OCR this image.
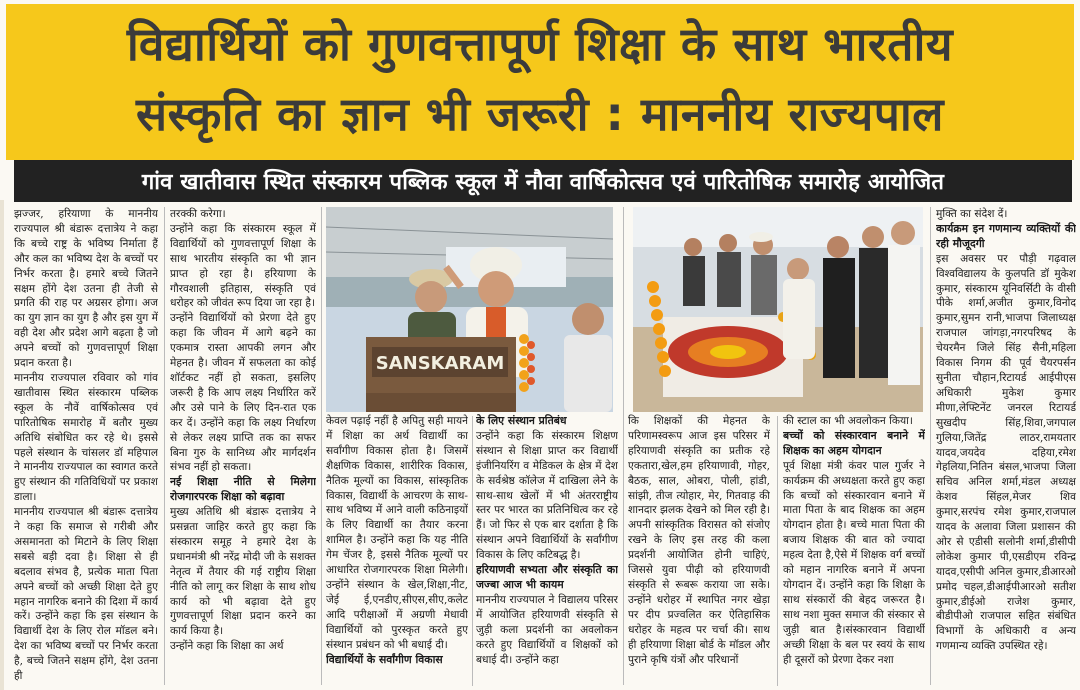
विद्यार्थियों को गुणवत्तापूर्ण शिक्षा के साथ भारतीय
संस्कृति का ज्ञान भी जरूरी : माननीय राज्यपाल
गांव खातीवास स्थित संस्कारम पब्लिक स्कूल में नौवा वार्षिकोत्सव एवं पारितोषिक समारोह आयोजित

झज्जर, हरियाणा के माननीय राज्यपाल श्री बंडारू दत्तात्रेय ने कहा कि बच्चे राष्ट्र के भविष्य निर्माता हैं और कल का भविष्य देश के बच्चों पर निर्भर करता है। हमारे बच्चे जितने सक्षम होंगे देश उतना ही तेजी से प्रगति की राह पर अग्रसर होगा। अज का युग ज्ञान का युग है और इस युग में वही देश और प्रदेश आगे बढ़ता है जो अपने बच्चों को गुणवत्तापूर्ण शिक्षा प्रदान करता है।

माननीय राज्यपाल रविवार को गांव खातीवास स्थित संस्कारम पब्लिक स्कूल के नौवें वार्षिकोत्सव एवं पारितोषिक समारोह में बतौर मुख्य अतिथि संबोधित कर रहे थे। इससे पहले संस्थान के चांसलर डॉ महिपाल ने माननीय राज्यपाल का स्वागत करते हुए संस्थान की गतिविधियों पर प्रकाश डाला।

माननीय राज्यपाल श्री बंडारू दत्तात्रेय ने कहा कि समाज से गरीबी और असमानता को मिटाने के लिए शिक्षा सबसे बड़ी दवा है। शिक्षा से ही बदलाव संभव है, प्रत्येक माता पिता अपने बच्चों को अच्छी शिक्षा देते हुए महान नागरिक बनाने की दिशा में कार्य करें। उन्होंने कहा कि इस संस्थान के विद्यार्थी देश के लिए रोल मॉडल बने। देश का भविष्य बच्चों पर निर्भर करता है, बच्चे जितने सक्षम होंगे, देश उतना ही

तरक्की करेगा।

उन्होंने कहा कि संस्कारम स्कूल में विद्यार्थियों को गुणवत्तापूर्ण शिक्षा के साथ भारतीय संस्कृति का भी ज्ञान प्राप्त हो रहा है। हरियाणा के गौरवशाली इतिहास, संस्कृति एवं धरोहर को जीवंत रूप दिया जा रहा है।

उन्होंने विद्यार्थियों को प्रेरणा देते हुए कहा कि जीवन में आगे बढ़ने का एकमात्र रास्ता आपकी लगन और मेहनत है। जीवन में सफलता का कोई शॉर्टकट नहीं हो सकता, इसलिए जरूरी है कि आप लक्ष्य निर्धारित करें और उसे पाने के लिए दिन-रात एक कर दें। उन्होंने कहा कि लक्ष्य निर्धारण से लेकर लक्ष्य प्राप्ति तक का सफर बिना गुरु के सानिध्य और मार्गदर्शन संभव नहीं हो सकता।

नई शिक्षा नीति से मिलेगा रोजगारपरक शिक्षा को बढ़ावा

मुख्य अतिथि श्री बंडारू दत्तात्रेय ने प्रसन्नता जाहिर करते हुए कहा कि संस्कारम समूह ने हमारे देश के प्रधानमंत्री श्री नरेंद्र मोदी जी के सशक्त नेतृत्व में तैयार की गई राष्ट्रीय शिक्षा नीति को लागू कर शिक्षा के साथ शोध कार्य को भी बढ़ावा देते हुए गुणवत्तापूर्ण शिक्षा प्रदान करने का कार्य किया है।

उन्होंने कहा कि शिक्षा का अर्थ

SANSKARAM

केवल पढ़ाई नहीं है अपितु सही मायने में शिक्षा का अर्थ विद्यार्थी का सर्वांगीण विकास होता है। जिसमें शैक्षणिक विकास, शारीरिक विकास, नैतिक मूल्यों का विकास, सांस्कृतिक विकास, विद्यार्थी के आचरण के साथ-साथ भविष्य में आने वाली कठिनाइयों के लिए विद्यार्थी का तैयार करना शामिल है। उन्होंने कहा कि यह नीति गेम चेंजर है, इससे नैतिक मूल्यों पर आधारित रोजगारपरक शिक्षा मिलेगी। उन्होंने संस्थान के खेल,शिक्षा,नीट, जेई ई,एनडीए,सीएस,सीए,कलेट आदि परीक्षाओं में अग्रणी मेधावी विद्यार्थियों को पुरस्कृत करते हुए संस्थान प्रबंधन को भी बधाई दी।

विद्यार्थियों के सर्वांगीण विकास
के लिए संस्थान प्रतिबंध

उन्होंने कहा कि संस्कारम शिक्षण संस्थान से शिक्षा प्राप्त कर विद्यार्थी इंजीनियरिंग व मेडिकल के क्षेत्र में देश के सर्वश्रेष्ठ कॉलेज में दाखिला लेने के साथ-साथ खेलों में भी अंतरराष्ट्रीय स्तर पर भारत का प्रतिनिधित्व कर रहे हैं। जो फिर से एक बार दर्शाता है कि संस्थान अपने विद्यार्थियों के सर्वांगीण विकास के लिए कटिबद्ध है।

हरियाणवी सभ्यता और संस्कृति का जज्बा आज भी कायम

माननीय राज्यपाल ने विद्यालय परिसर में आयोजित हरियाणवी संस्कृति से जुड़ी कला प्रदर्शनी का अवलोकन करते हुए विद्यार्थियों व शिक्षकों को बधाई दी। उन्होंने कहा

कि शिक्षकों की मेहनत के परिणामस्वरूप आज इस परिसर में हरियाणवी संस्कृति का प्रतीक रहे एकतारा,खेल,हम हरियाणावी, गोहर, बैठक, साल, ओबरा, पोली, हांडी, सांझी, तीज त्योहार, मेर, गितवाड़ की शानदार झलक देखने को मिल रही है। अपनी सांस्कृतिक विरासत को संजोए रखने के लिए इस तरह की कला प्रदर्शनी आयोजित होनी चाहिएं, जिससे युवा पीढ़ी को हरियाणवी संस्कृति से रूबरू कराया जा सके। उन्होंने धरोहर में स्थापित नगर खेड़ा पर दीप प्रज्वलित कर ऐतिहासिक धरोहर के महत्व पर चर्चा की। साथ ही हरियाणा शिक्षा बोर्ड के मॉडल और पुराने कृषि यंत्रों और परिधानों

की स्टाल का भी अवलोकन किया।

बच्चों को संस्कारवान बनाने में शिक्षक का अहम योगदान

पूर्व शिक्षा मंत्री कंवर पाल गुर्जर ने कार्यक्रम की अध्यक्षता करते हुए कहा कि बच्चों को संस्कारवान बनाने में माता पिता के बाद शिक्षक का अहम योगदान होता है। बच्चे माता पिता की बजाय शिक्षक की बात को ज्यादा महत्व देता है,ऐसे में शिक्षक वर्ग बच्चों को महान नागरिक बनाने में अपना योगदान दें। उन्होंने कहा कि शिक्षा के साथ संस्कारों की बेहद जरूरत है। साथ नशा मुक्त समाज की संस्कार से जुड़ी बात है।संस्कारवान विद्यार्थी अच्छी शिक्षा के बल पर स्वयं के साथ ही दूसरों को प्रेरणा देकर नशा

मुक्ति का संदेश दें।

कार्यक्रम इन गणमान्य व्यक्तियों की रही मौजूदगी

इस अवसर पर पौड़ी गढ़वाल विश्वविद्यालय के कुलपति डॉ मुकेश कुमार, संस्कारम यूनिवर्सिटी के वीसी पीके शर्मा,अजीत कुमार,विनोद कुमार,सुमन रानी,भाजपा जिलाध्यक्ष राजपाल जांगड़ा,नगरपरिषद के चेयरमैन जिले सिंह सैनी,महिला विकास निगम की पूर्व चैयरपर्सन सुनीता चौहान,रिटायर्ड आईपीएस अधिकारी मुकेश कुमार मीणा,लेफ्टिनेंट जनरल रिटायर्ड सुखदीप सिंह,शिवा,जगपाल गुलिया,जितेंद्र लाठर,रामयतार यादव,जयदेव दहिया,रमेश गेहलिया,नितिन बंसल,भाजपा जिला सचिव अनिल शर्मा,मंडल अध्यक्ष केशव सिंहल,मेजर शिव कुमार,सरपंच रमेश कुमार,राजपाल यादव के अलावा जिला प्रशासन की ओर से एडीसी सलोनी शर्मा,डीसीपी लोकेश कुमार पी,एसडीएम रविन्द्र यादव,एसीपी अनिल कुमार,डीआरओ प्रमोद चहल,डीआईपीआरओ सतीश कुमार,डीईओ राजेश कुमार, बीडीपीओ राजपाल सहित संबंधित विभागों के अधिकारी व अन्य गणमान्य व्यक्ति उपस्थित रहे।
